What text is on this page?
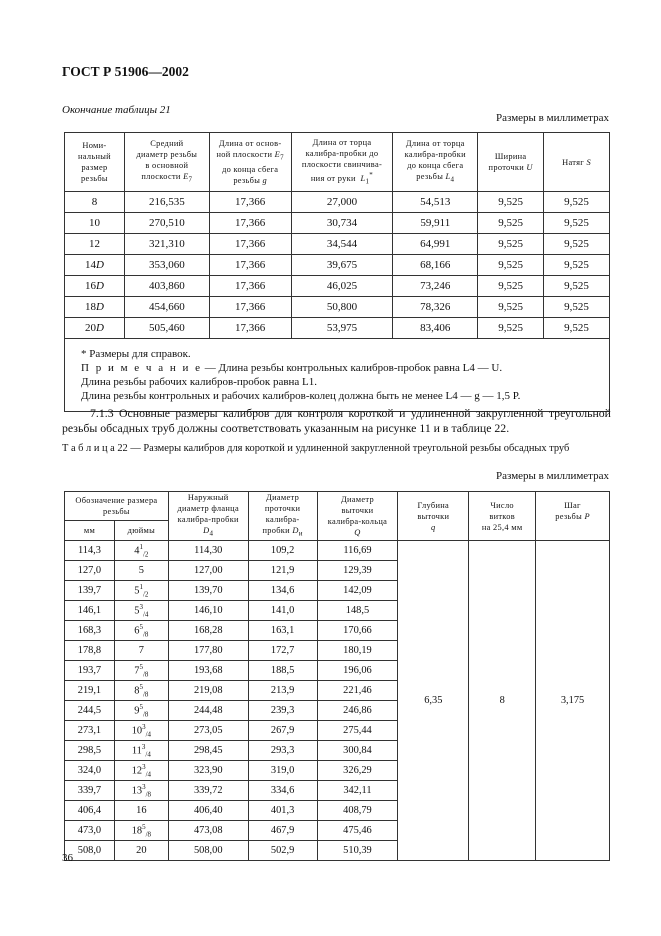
ГОСТ Р 51906—2002
Окончание таблицы 21
Размеры в миллиметрах
Номи-
нальный
размер
резьбы	Средний
диаметр резьбы
в основной
плоскости $E_7$	Длина от основ-
ной плоскости $E_7$
до конца сбега
резьбы g	Длина от торца
калибра-пробки до
плоскости свинчива-
ния от руки  $L_1^*$	Длина от торца
калибра-пробки
до конца сбега
резьбы $L_4$	Ширина
проточки U	Натяг S
8	216,535	17,366	27,000	54,513	9,525	9,525
10	270,510	17,366	30,734	59,911	9,525	9,525
12	321,310	17,366	34,544	64,991	9,525	9,525
14D	353,060	17,366	39,675	68,166	9,525	9,525
16D	403,860	17,366	46,025	73,246	9,525	9,525
18D	454,660	17,366	50,800	78,326	9,525	9,525
20D	505,460	17,366	53,975	83,406	9,525	9,525

* Размеры для справок.
П р и м е ч а н и е — Длина резьбы контрольных калибров-пробок равна L4 — U.
Длина резьбы рабочих калибров-пробок равна L1.
Длина резьбы контрольных и рабочих калибров-колец должна быть не менее L4 — g — 1,5 P.						
7.1.3 Основные размеры калибров для контроля короткой и удлиненной закругленной треугольной резьбы обсадных труб должны соответствовать указанным на рисунке 11 и в таблице 22.
Т а б л и ц а 22 — Размеры калибров для короткой и удлиненной закругленной треугольной резьбы обсадных труб
Размеры в миллиметрах
Обозначение размера резьбы		Наружный
диаметр фланца
калибра-пробки
$D_4$	Диаметр
проточки
калибра-
пробки $D_и$	Диаметр
выточки
калибра-кольца
Q	Глубина
выточки
q	Число
витков
на 25,4 мм	Шаг
резьбы P
мм	дюймы						
114,3	$4^1_{/2}$	114,30	109,2	116,69	6,35	8	3,175
127,0	5	127,00	121,9	129,39			
139,7	$5^1_{/2}$	139,70	134,6	142,09			
146,1	$5^3_{/4}$	146,10	141,0	148,5			
168,3	$6^5_{/8}$	168,28	163,1	170,66			
178,8	7	177,80	172,7	180,19			
193,7	$7^5_{/8}$	193,68	188,5	196,06			
219,1	$8^5_{/8}$	219,08	213,9	221,46			
244,5	$9^5_{/8}$	244,48	239,3	246,86			
273,1	$10^3_{/4}$	273,05	267,9	275,44			
298,5	$11^3_{/4}$	298,45	293,3	300,84			
324,0	$12^3_{/4}$	323,90	319,0	326,29			
339,7	$13^3_{/8}$	339,72	334,6	342,11			
406,4	16	406,40	401,3	408,79			
473,0	$18^5_{/8}$	473,08	467,9	475,46			
508,0	20	508,00	502,9	510,39			
36
